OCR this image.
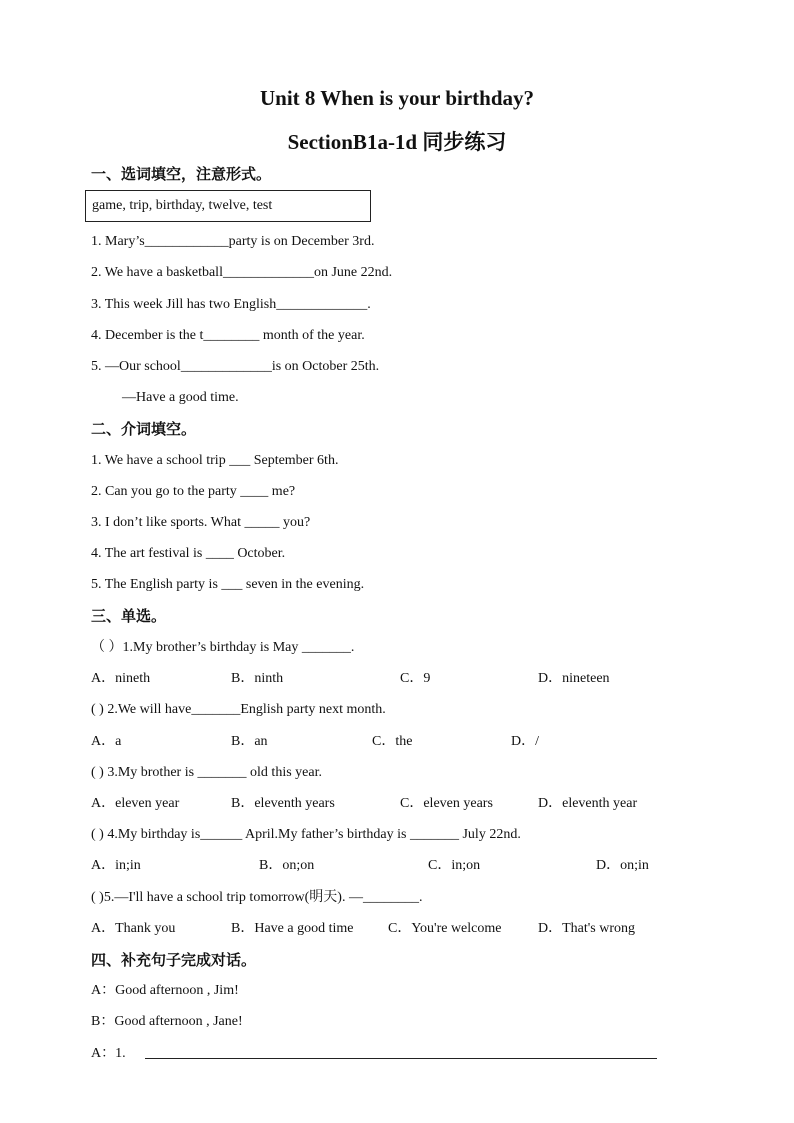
Unit 8 When is your birthday?
SectionB1a-1d 同步练习
一、选词填空，注意形式。
game, trip, birthday, twelve, test
1. Mary’s____________party is on December 3rd.
2. We have a basketball_____________on June 22nd.
3. This week Jill has two English_____________.
4. December is the t________ month of the year.
5. —Our school_____________is on October 25th.
—Have a good time.
二、介词填空。
1. We have a school trip ___ September 6th.
2. Can you go to the party ____ me?
3. I don’t like sports. What _____ you?
4. The art festival is ____ October.
5. The English party is ___ seven in the evening.
三、单选。
（ ）1.My brother’s birthday is May _______.
A．nineth	B．ninth	C．9	D．nineteen
( ) 2.We will have_______English party next month.
A．a	B．an	C．the	D．/
( ) 3.My brother is _______ old this year.
A．eleven year	B．eleventh years	C．eleven years	D．eleventh year
( ) 4.My birthday is______ April.My father’s birthday is _______ July 22nd.
A．in;in	B．on;on	C．in;on	D．on;in
( )5.—I'll have a school trip tomorrow(明天). —________.
A．Thank you	B．Have a good time C．You're welcome	D．That's wrong
四、补充句子完成对话。
A：Good afternoon , Jim!
B：Good afternoon , Jane!
A：1.
